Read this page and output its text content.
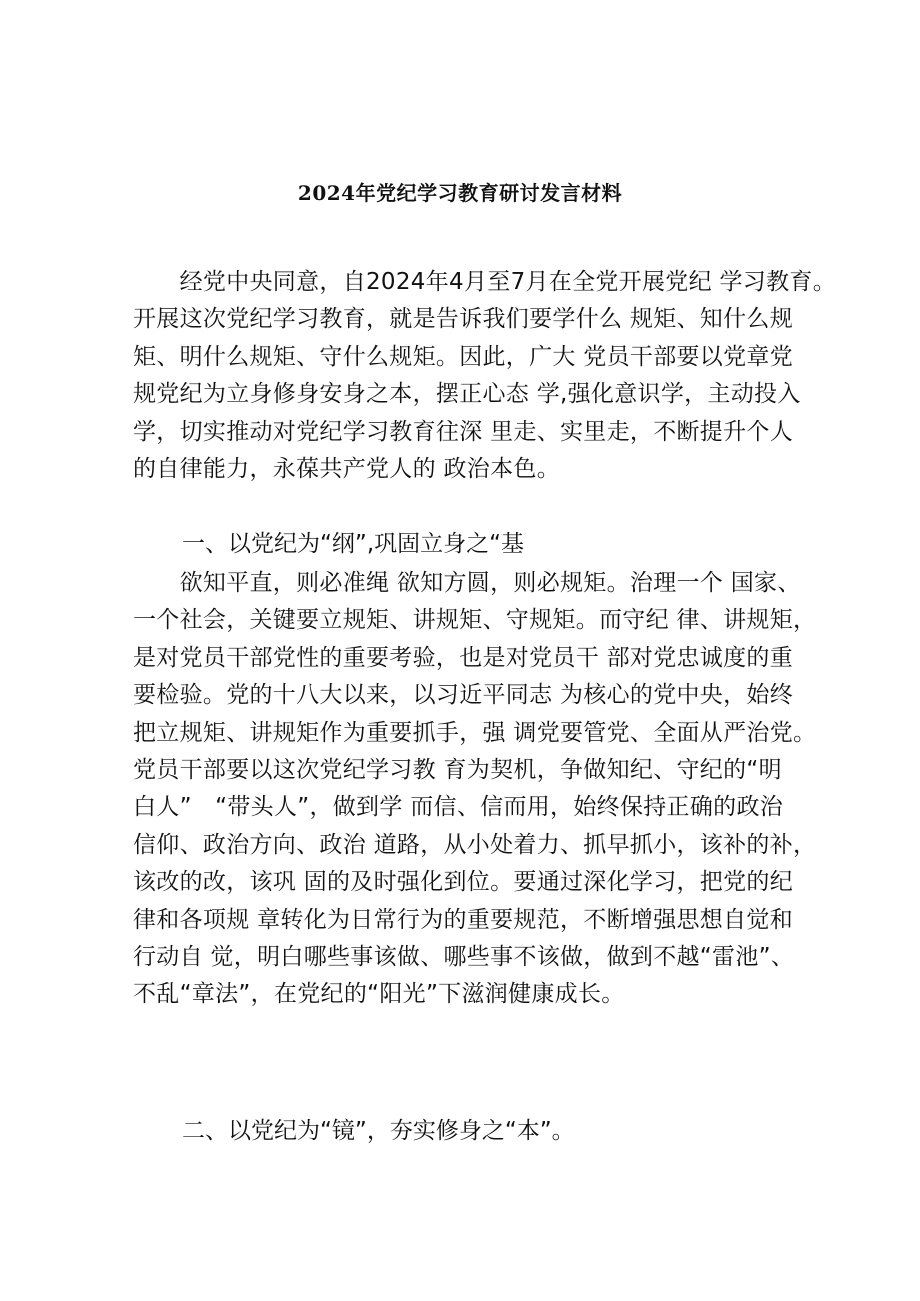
2024年党纪学习教育研讨发言材料
　　经党中央同意，自2024年4月至7月在全党开展党纪 学习教育。
开展这次党纪学习教育，就是告诉我们要学什么 规矩、知什么规
矩、明什么规矩、守什么规矩。因此，广大 党员干部要以党章党
规党纪为立身修身安身之本，摆正心态 学,强化意识学，主动投入
学，切实推动对党纪学习教育往深 里走、实里走，不断提升个人
的自律能力，永葆共产党人的 政治本色。
一、以党纪为“纲”,巩固立身之“基
　　欲知平直，则必准绳 欲知方圆，则必规矩。治理一个 国家、
一个社会，关键要立规矩、讲规矩、守规矩。而守纪 律、讲规矩，
是对党员干部党性的重要考验，也是对党员干 部对党忠诚度的重
要检验。党的十八大以来，以习近平同志 为核心的党中央，始终
把立规矩、讲规矩作为重要抓手，强 调党要管党、全面从严治党。
党员干部要以这次党纪学习教 育为契机，争做知纪、守纪的“明
白人”　“带头人”，做到学 而信、信而用，始终保持正确的政治
信仰、政治方向、政治 道路，从小处着力、抓早抓小，该补的补，
该改的改，该巩 固的及时强化到位。要通过深化学习，把党的纪
律和各项规 章转化为日常行为的重要规范，不断增强思想自觉和
行动自 觉，明白哪些事该做、哪些事不该做，做到不越“雷池”、
不乱“章法”，在党纪的“阳光”下滋润健康成长。
二、以党纪为“镜”，夯实修身之“本”。
